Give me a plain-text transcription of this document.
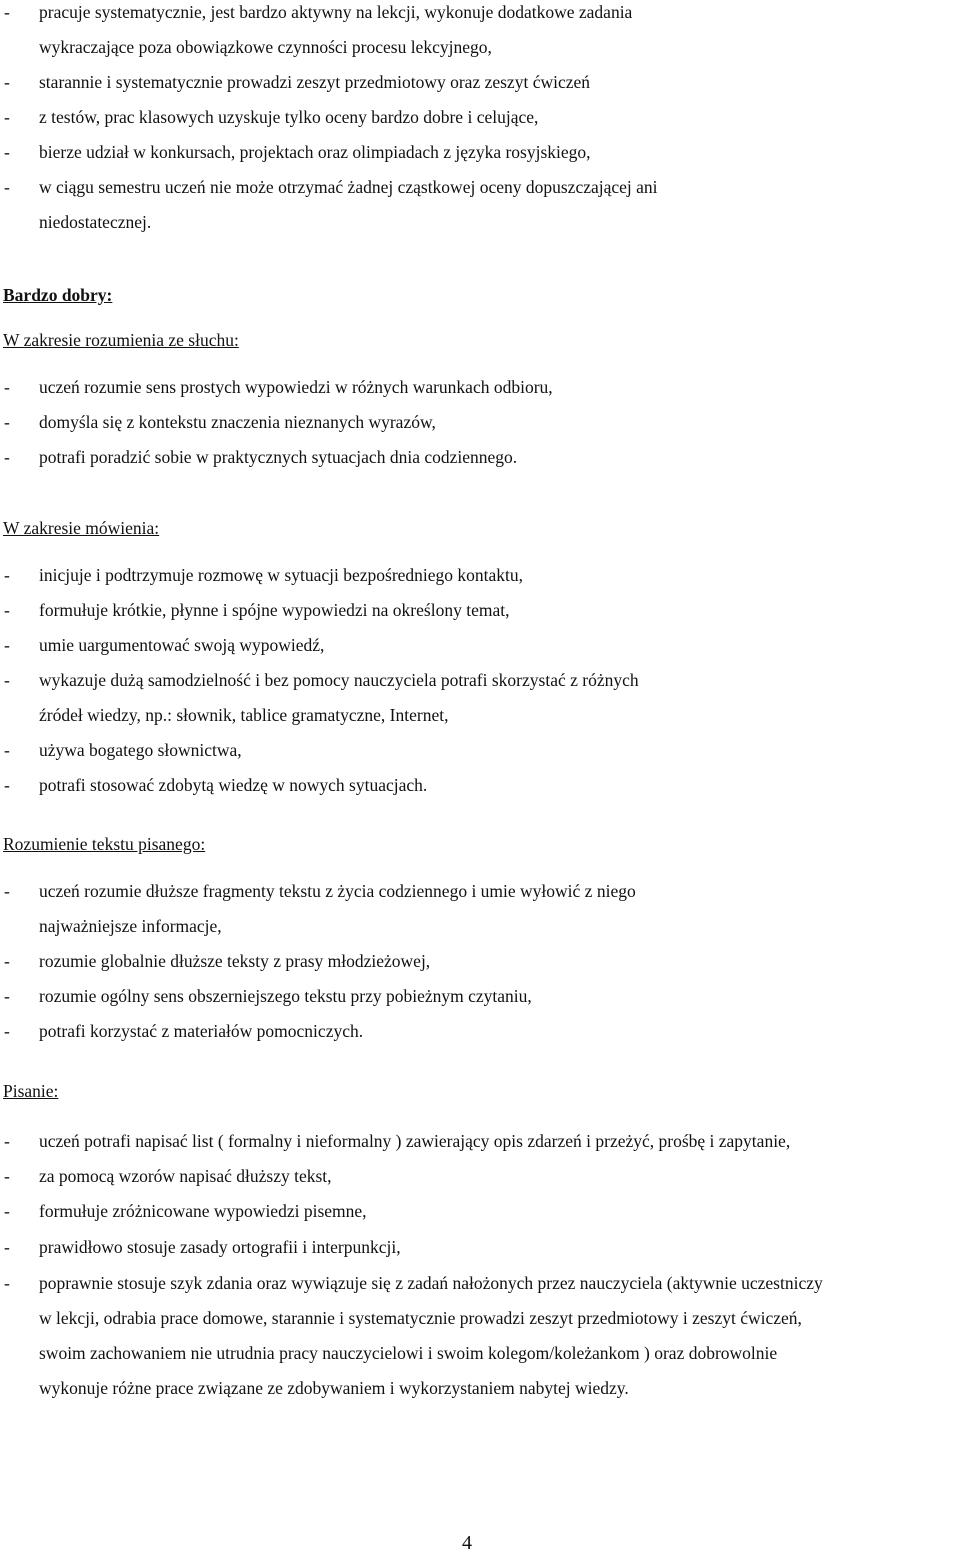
- pracuje systematycznie, jest bardzo aktywny na lekcji, wykonuje dodatkowe zadania
wykraczające poza obowiązkowe czynności procesu lekcyjnego,
- starannie i systematycznie prowadzi zeszyt przedmiotowy oraz zeszyt ćwiczeń
- z testów, prac klasowych uzyskuje tylko oceny bardzo dobre i celujące,
- bierze udział w konkursach, projektach oraz olimpiadach z języka rosyjskiego,
- w ciągu semestru uczeń nie może otrzymać żadnej cząstkowej oceny dopuszczającej ani
niedostatecznej.
Bardzo dobry:
W zakresie rozumienia ze słuchu:
- uczeń rozumie sens prostych wypowiedzi w różnych warunkach odbioru,
- domyśla się z kontekstu znaczenia nieznanych wyrazów,
- potrafi poradzić sobie w praktycznych sytuacjach dnia codziennego.
W zakresie mówienia:
- inicjuje i podtrzymuje rozmowę w sytuacji bezpośredniego kontaktu,
- formułuje krótkie, płynne i spójne wypowiedzi na określony temat,
- umie uargumentować swoją wypowiedź,
- wykazuje dużą samodzielność i bez pomocy nauczyciela potrafi skorzystać z różnych
źródeł wiedzy, np.: słownik, tablice gramatyczne, Internet,
- używa bogatego słownictwa,
- potrafi stosować zdobytą wiedzę w nowych sytuacjach.
Rozumienie tekstu pisanego:
- uczeń rozumie dłuższe fragmenty tekstu z życia codziennego i umie wyłowić z niego
najważniejsze informacje,
- rozumie globalnie dłuższe teksty z prasy młodzieżowej,
- rozumie ogólny sens obszerniejszego tekstu przy pobieżnym czytaniu,
- potrafi korzystać z materiałów pomocniczych.
Pisanie:
- uczeń potrafi napisać list ( formalny i nieformalny ) zawierający opis zdarzeń i przeżyć, prośbę i zapytanie,
- za pomocą wzorów napisać dłuższy tekst,
- formułuje zróżnicowane wypowiedzi pisemne,
- prawidłowo stosuje zasady ortografii i interpunkcji,
- poprawnie stosuje szyk zdania oraz wywiązuje się z zadań nałożonych przez nauczyciela (aktywnie uczestniczy
w lekcji, odrabia prace domowe, starannie i systematycznie prowadzi zeszyt przedmiotowy i zeszyt ćwiczeń,
swoim zachowaniem nie utrudnia pracy nauczycielowi i swoim kolegom/koleżankom ) oraz dobrowolnie
wykonuje różne prace związane ze zdobywaniem i wykorzystaniem nabytej wiedzy.
4
